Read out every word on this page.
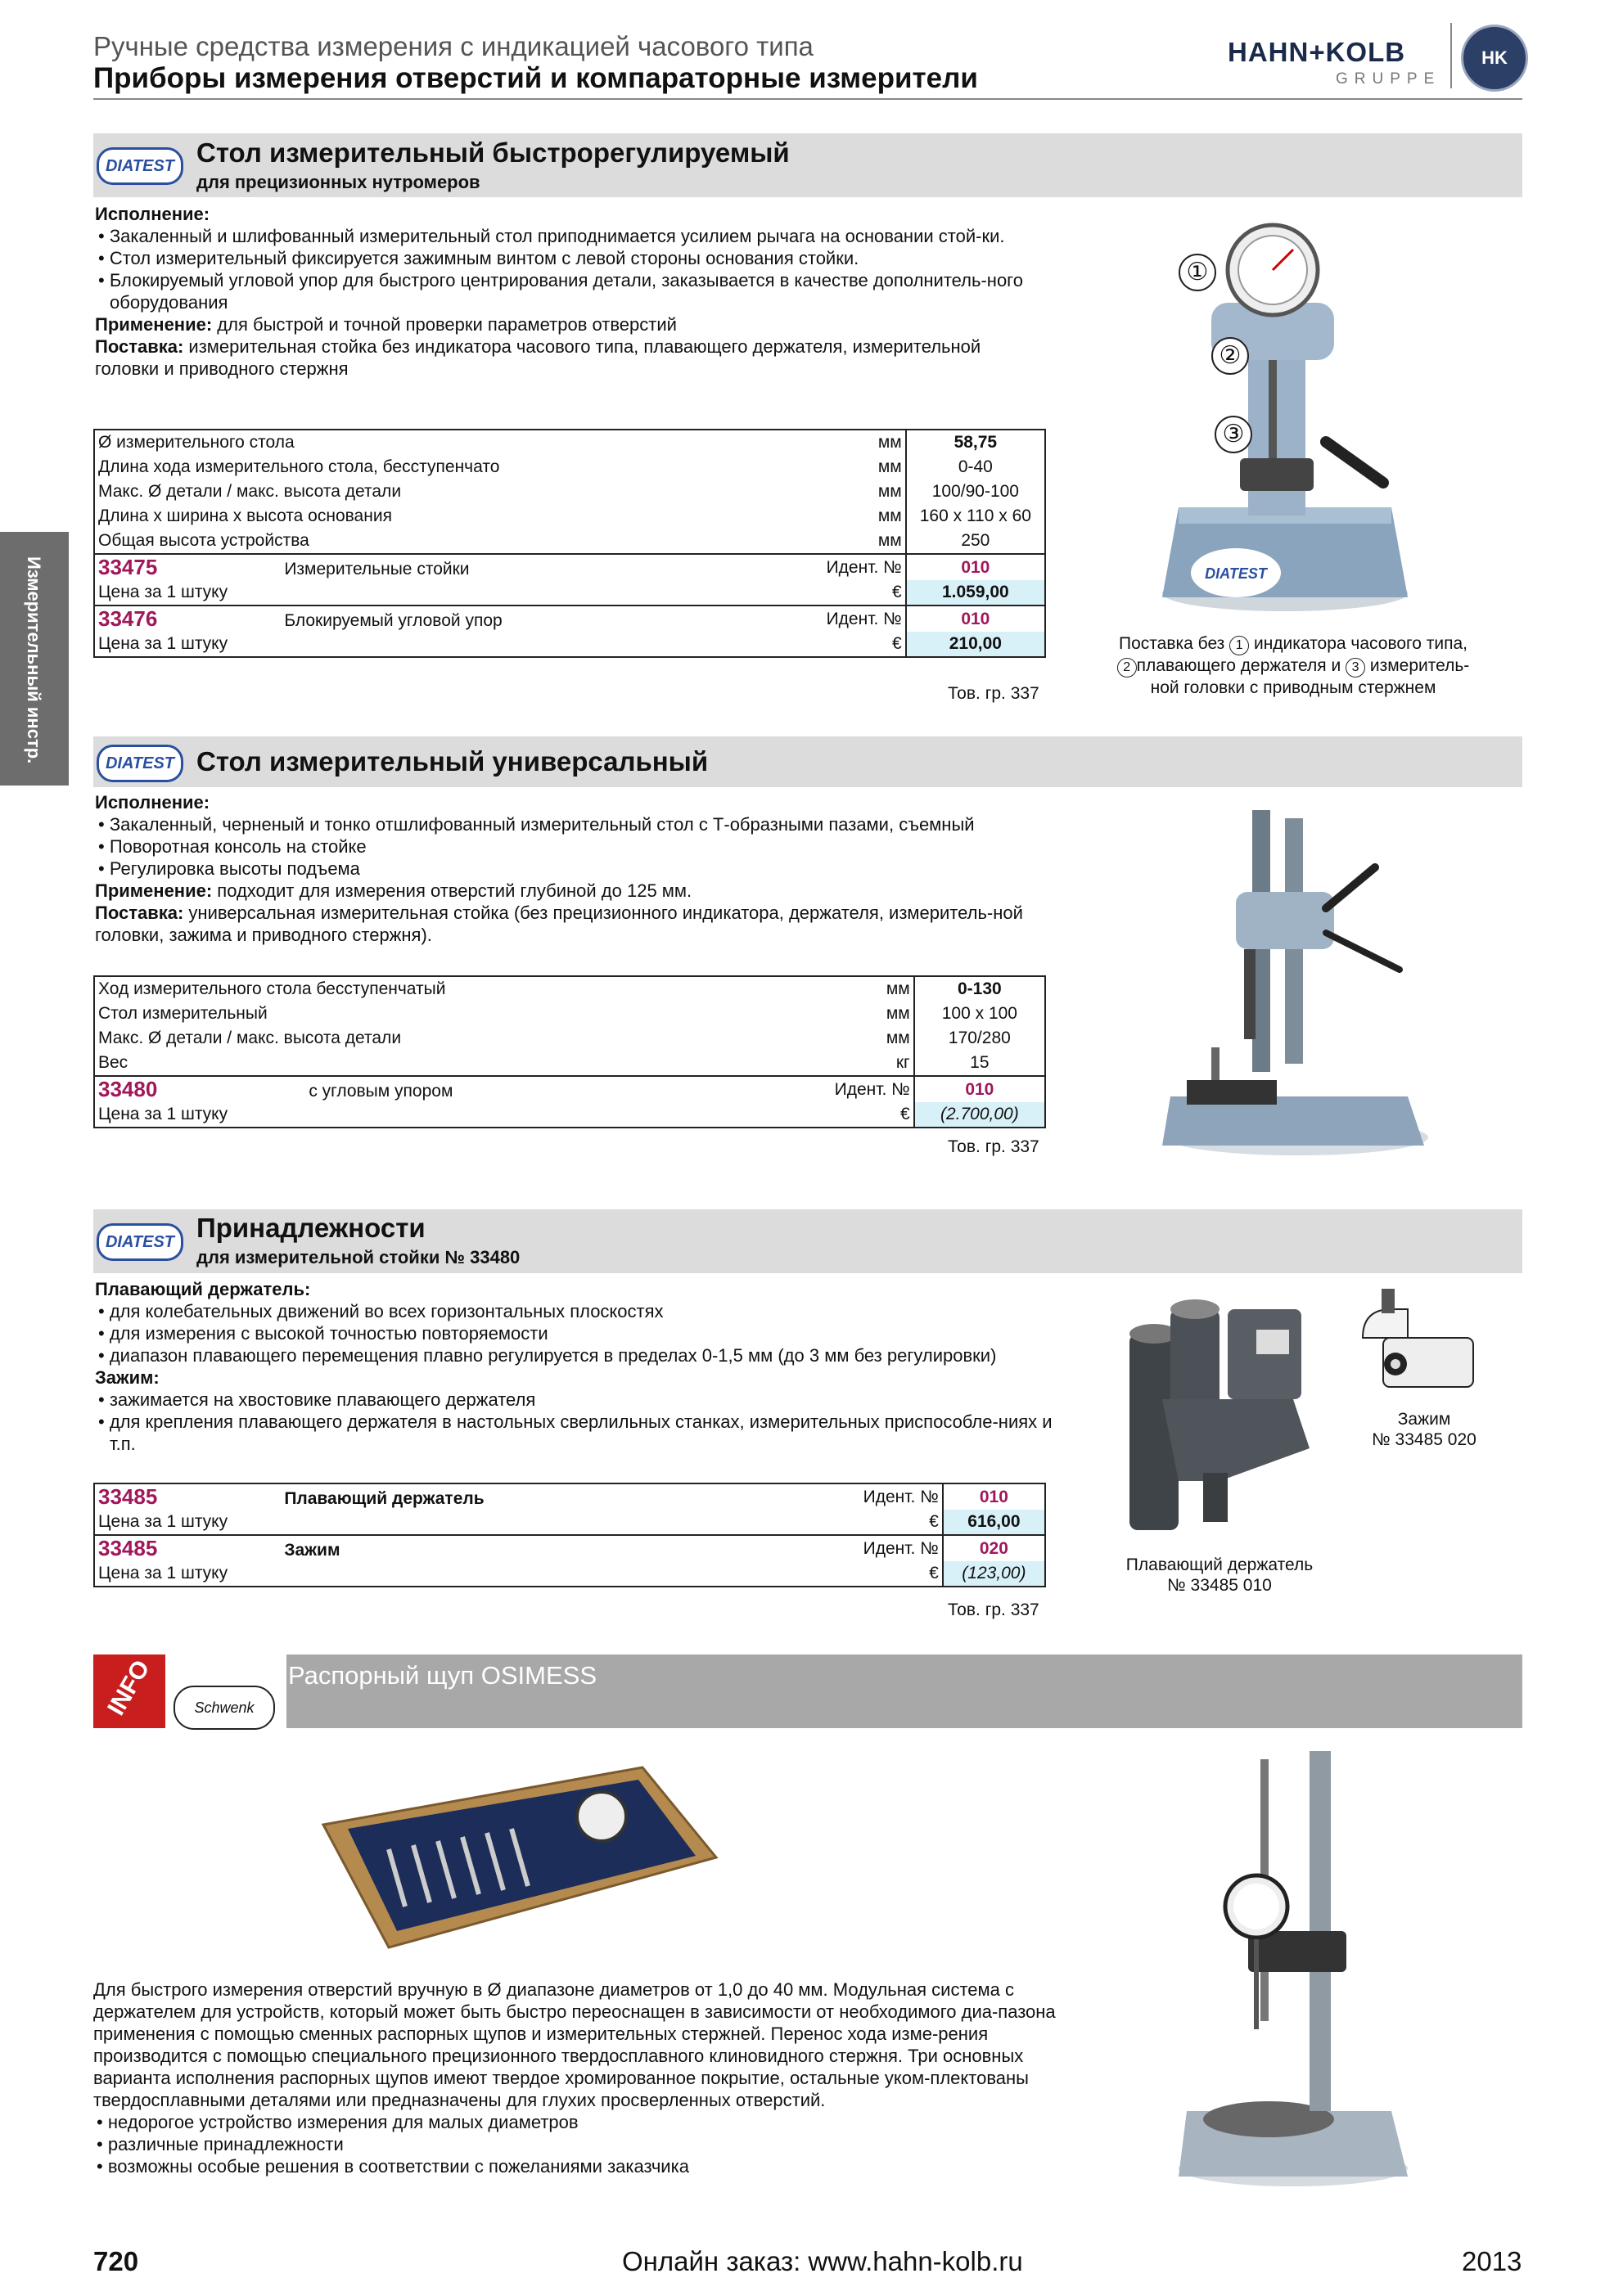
Ручные средства измерения с индикацией часового типа
Приборы измерения отверстий и компараторные измерители
HAHN+KOLB
GRUPPE
HK
Измерительный инстр.
DIATEST Стол измерительный быстрорегулируемый
для прецизионных нутромеров
Исполнение:
• Закаленный и шлифованный измерительный стол приподнимается усилием рычага на основании стой-ки.
• Стол измерительный фиксируется зажимным винтом с левой стороны основания стойки.
• Блокируемый угловой упор для быстрого центрирования детали, заказывается в качестве дополнитель-ного оборудования
Применение: для быстрой и точной проверки параметров отверстий
Поставка: измерительная стойка без индикатора часового типа, плавающего держателя, измерительной головки и приводного стержня
Ø измерительного стола	мм	58,75
Длина хода измерительного стола, бесступенчато	мм	0-40
Макс. Ø детали / макс. высота детали	мм	100/90-100
Длина x ширина x высота основания	мм	160 x 110 x 60
Общая высота устройства	мм	250
33475 Измерительные стойки	Идент. №	010
Цена за 1 штуку	€	1.059,00
33476 Блокируемый угловой упор	Идент. №	010
Цена за 1 штуку	€	210,00
Тов. гр. 337
DIATEST
①
②
③
Поставка без 1 индикатора часового типа,
2 плавающего держателя и 3 измеритель-
ной головки с приводным стержнем
DIATEST Стол измерительный универсальный
Исполнение:
• Закаленный, черненый и тонко отшлифованный измерительный стол с Т-образными пазами, съемный
• Поворотная консоль на стойке
• Регулировка высоты подъема
Применение: подходит для измерения отверстий глубиной до 125 мм.
Поставка: универсальная измерительная стойка (без прецизионного индикатора, держателя, измеритель-ной головки, зажима и приводного стержня).
Ход измерительного стола бесступенчатый	мм	0-130
Стол измерительный	мм	100 x 100
Макс. Ø детали / макс. высота детали	мм	170/280
Вес	кг	15
33480 с угловым упором	Идент. №	010
Цена за 1 штуку	€	(2.700,00)
Тов. гр. 337
DIATEST Принадлежности
для измерительной стойки № 33480
Плавающий держатель:
• для колебательных движений во всех горизонтальных плоскостях
• для измерения с высокой точностью повторяемости
• диапазон плавающего перемещения плавно регулируется в пределах 0-1,5 мм (до 3 мм без регулировки)
Зажим:
• зажимается на хвостовике плавающего держателя
• для крепления плавающего держателя в настольных сверлильных станках, измерительных приспособле-ниях и т.п.
33485 Плавающий держатель	Идент. №	010
Цена за 1 штуку	€	616,00
33485 Зажим	Идент. №	020
Цена за 1 штуку	€	(123,00)
Тов. гр. 337
Плавающий держатель
№ 33485 010
Зажим
№ 33485 020
INFO	Schwenk
Распорный щуп OSIMESS
Для быстрого измерения отверстий вручную в Ø диапазоне диаметров от 1,0 до 40 мм. Модульная система с держателем для устройств, который может быть быстро переоснащен в зависимости от необходимого диа-пазона применения с помощью сменных распорных щупов и измерительных стержней. Перенос хода изме-рения производится с помощью специального прецизионного твердосплавного клиновидного стержня. Три основных варианта исполнения распорных щупов имеют твердое хромированное покрытие, остальные уком-плектованы твердосплавными деталями или предназначены для глухих просверленных отверстий.
• недорогое устройство измерения для малых диаметров
• различные принадлежности
• возможны особые решения в соответствии с пожеланиями заказчика
720	Онлайн заказ: www.hahn-kolb.ru	2013
